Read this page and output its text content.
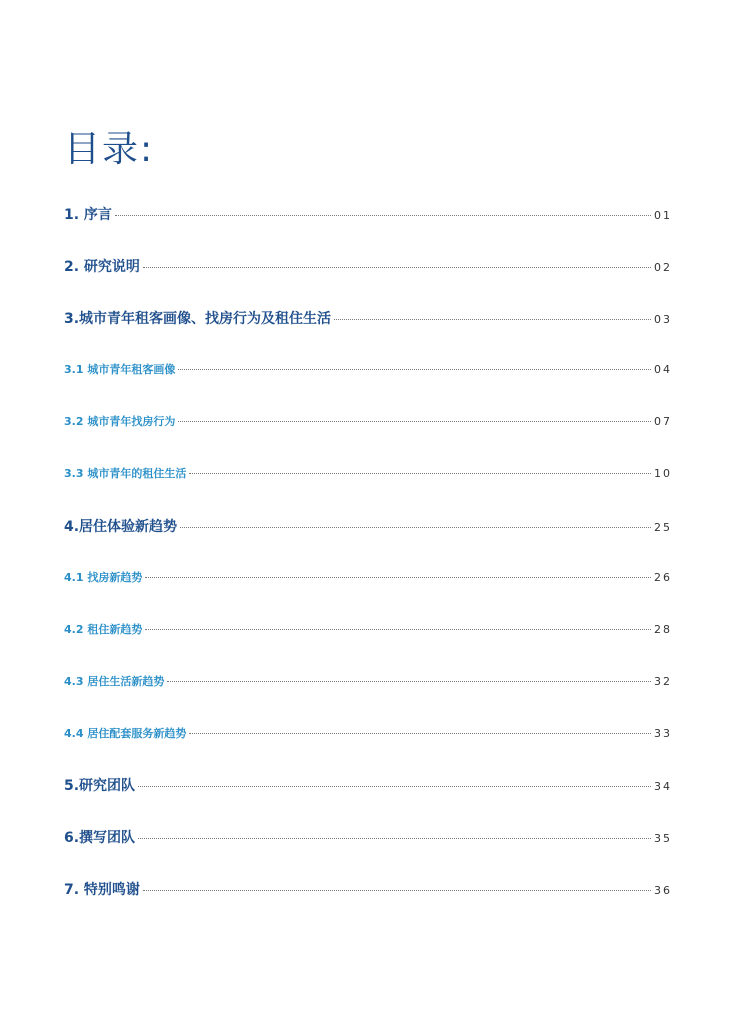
目录:
1. 序言	01
2. 研究说明	02
3.城市青年租客画像、找房行为及租住生活	03
3.1 城市青年租客画像	04
3.2 城市青年找房行为	07
3.3 城市青年的租住生活	10
4.居住体验新趋势	25
4.1 找房新趋势	26
4.2 租住新趋势	28
4.3 居住生活新趋势	32
4.4 居住配套服务新趋势	33
5.研究团队	34
6.撰写团队	35
7. 特别鸣谢	36
